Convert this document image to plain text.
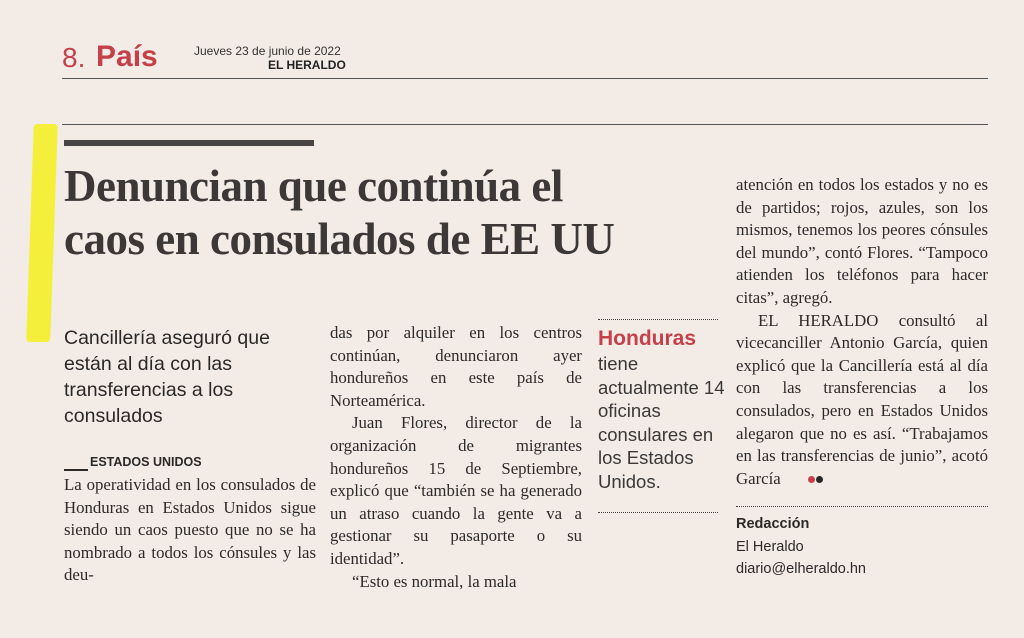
8. País	Jueves 23 de junio de 2022
EL HERALDO
Denuncian que continúa el
caos en consulados de EE UU
Cancillería aseguró que están al día con las transferencias a los consulados
ESTADOS UNIDOS

La operatividad en los consulados de Honduras en Estados Unidos sigue siendo un caos puesto que no se ha nombrado a todos los cónsules y las deu-

das por alquiler en los centros continúan, denunciaron ayer hondureños en este país de Norteamérica.

Juan Flores, director de la organización de migrantes hondureños 15 de Septiembre, explicó que “también se ha generado un atraso cuando la gente va a gestionar su pasaporte o su identidad”.

“Esto es normal, la mala

Honduras
tiene actualmente 14 oficinas consulares en los Estados Unidos.

atención en todos los estados y no es de partidos; rojos, azules, son los mismos, tenemos los peores cónsules del mundo”, contó Flores. “Tampoco atienden los teléfonos para hacer citas”, agregó.

EL HERALDO consultó al vicecanciller Antonio García, quien explicó que la Cancillería está al día con las transferencias a los consulados, pero en Estados Unidos alegaron que no es así. “Trabajamos en las transferencias de junio”, acotó García

Redacción
El Heraldo
diario@elheraldo.hn
